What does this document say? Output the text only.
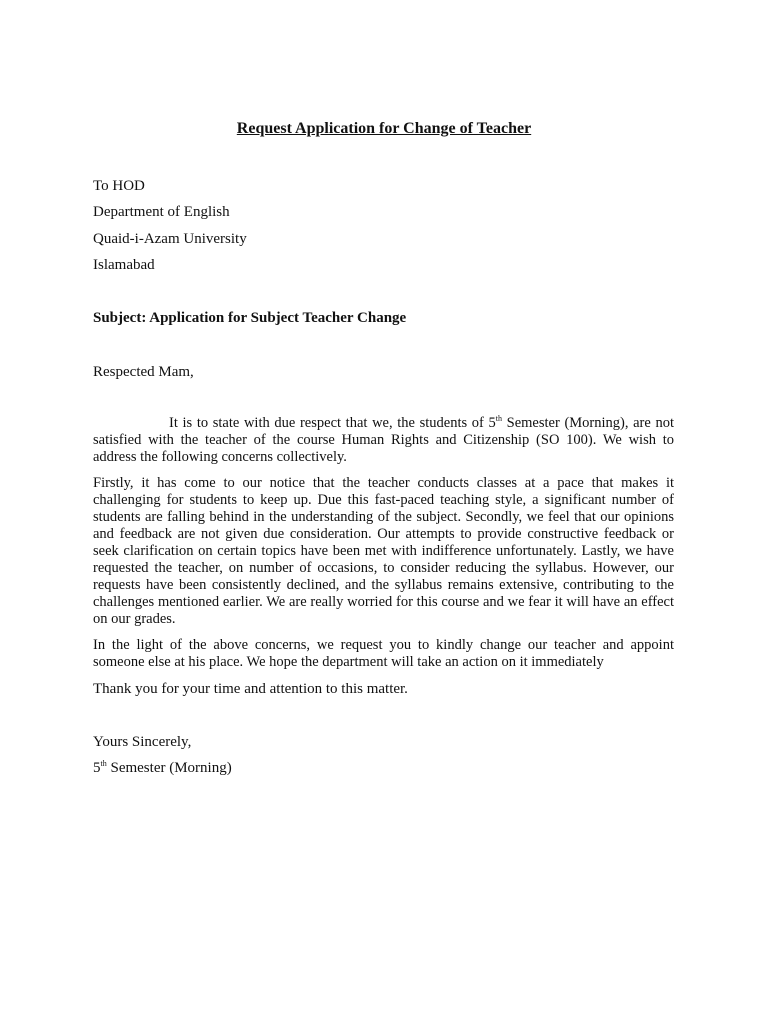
Request Application for Change of Teacher
To HOD
Department of English
Quaid-i-Azam University
Islamabad
Subject: Application for Subject Teacher Change
Respected Mam,

It is to state with due respect that we, the students of 5th Semester (Morning), are not satisfied with the teacher of the course Human Rights and Citizenship (SO 100). We wish to address the following concerns collectively.

Firstly, it has come to our notice that the teacher conducts classes at a pace that makes it challenging for students to keep up. Due this fast-paced teaching style, a significant number of students are falling behind in the understanding of the subject. Secondly, we feel that our opinions and feedback are not given due consideration. Our attempts to provide constructive feedback or seek clarification on certain topics have been met with indifference unfortunately. Lastly, we have requested the teacher, on number of occasions, to consider reducing the syllabus. However, our requests have been consistently declined, and the syllabus remains extensive, contributing to the challenges mentioned earlier. We are really worried for this course and we fear it will have an effect on our grades.

In the light of the above concerns, we request you to kindly change our teacher and appoint someone else at his place. We hope the department will take an action on it immediately

Thank you for your time and attention to this matter.
Yours Sincerely,
5th Semester (Morning)
